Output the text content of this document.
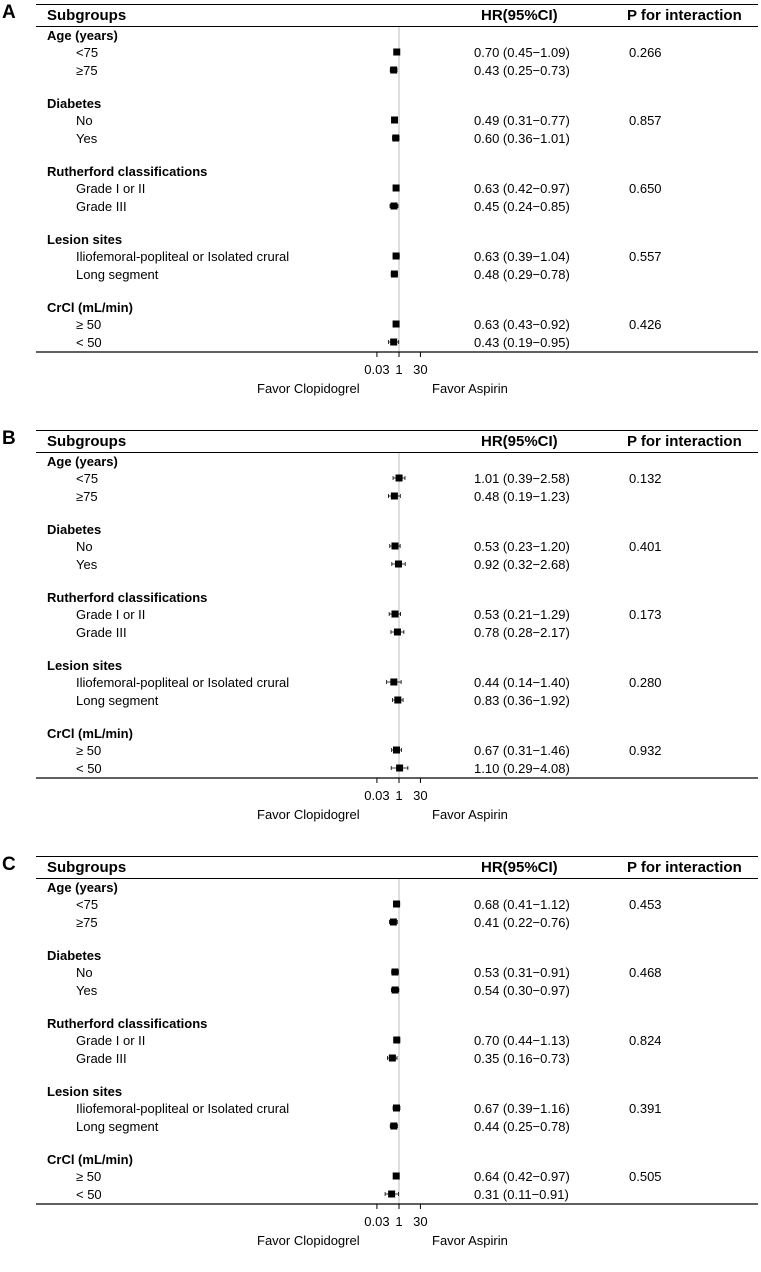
A Subgroups	HR(95%CI)	P for interaction
Age (years)
<75	0.70 (0.45−1.09)	0.266
≥75	0.43 (0.25−0.73)
Diabetes
No	0.49 (0.31−0.77)	0.857
Yes	0.60 (0.36−1.01)
Rutherford classifications
Grade I or II	0.63 (0.42−0.97)	0.650
Grade III	0.45 (0.24−0.85)
Lesion sites
Iliofemoral-popliteal or Isolated crural	0.63 (0.39−1.04)	0.557
Long segment	0.48 (0.29−0.78)
CrCl (mL/min)
≥ 50	0.63 (0.43−0.92)	0.426
< 50	0.43 (0.19−0.95)
0.03 1 30
Favor Clopidogrel	Favor Aspirin
B Subgroups	HR(95%CI)	P for interaction
Age (years)
<75	1.01 (0.39−2.58)	0.132
≥75	0.48 (0.19−1.23)
Diabetes
No	0.53 (0.23−1.20)	0.401
Yes	0.92 (0.32−2.68)
Rutherford classifications
Grade I or II	0.53 (0.21−1.29)	0.173
Grade III	0.78 (0.28−2.17)
Lesion sites
Iliofemoral-popliteal or Isolated crural	0.44 (0.14−1.40)	0.280
Long segment	0.83 (0.36−1.92)
CrCl (mL/min)
≥ 50	0.67 (0.31−1.46)	0.932
< 50	1.10 (0.29−4.08)
0.03 1 30
Favor Clopidogrel	Favor Aspirin
C Subgroups	HR(95%CI)	P for interaction
Age (years)
<75	0.68 (0.41−1.12)	0.453
≥75	0.41 (0.22−0.76)
Diabetes
No	0.53 (0.31−0.91)	0.468
Yes	0.54 (0.30−0.97)
Rutherford classifications
Grade I or II	0.70 (0.44−1.13)	0.824
Grade III	0.35 (0.16−0.73)
Lesion sites
Iliofemoral-popliteal or Isolated crural	0.67 (0.39−1.16)	0.391
Long segment	0.44 (0.25−0.78)
CrCl (mL/min)
≥ 50	0.64 (0.42−0.97)	0.505
< 50	0.31 (0.11−0.91)
0.03 1 30
Favor Clopidogrel	Favor Aspirin
